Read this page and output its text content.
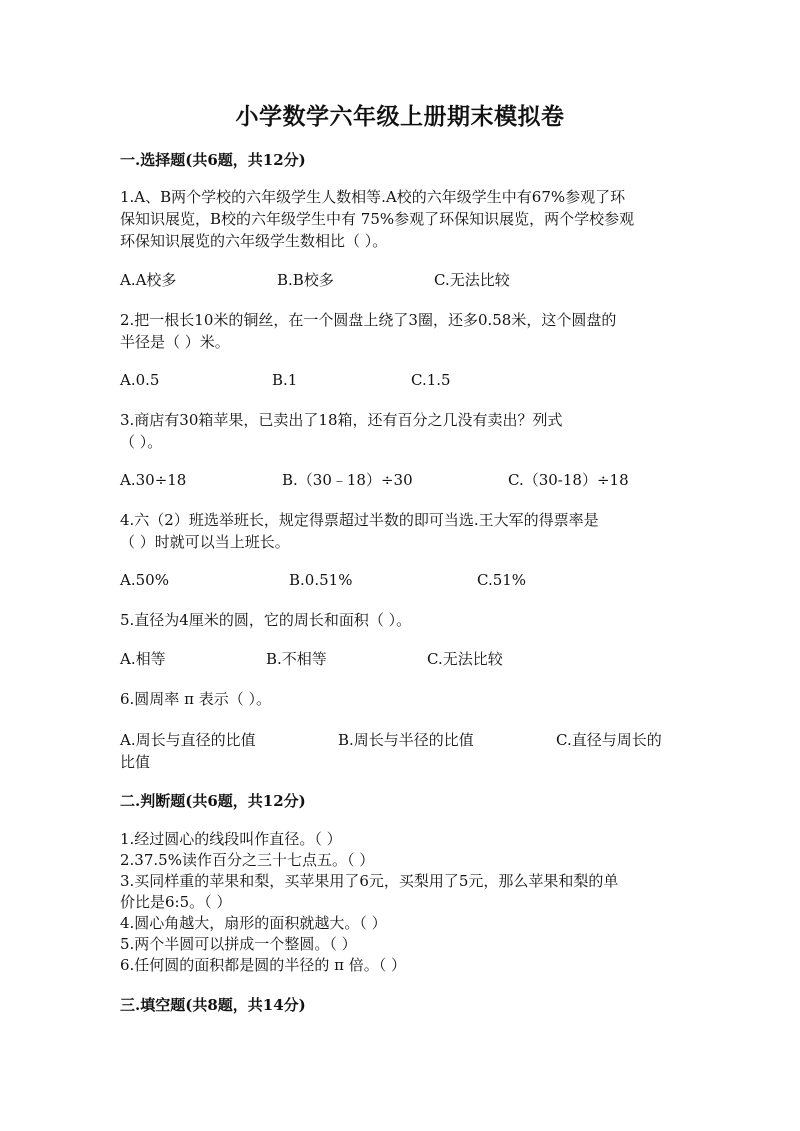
小学数学六年级上册期末模拟卷
一.选择题(共6题，共12分)
1.A、B两个学校的六年级学生人数相等.A校的六年级学生中有67%参观了环
保知识展览，B校的六年级学生中有 75%参观了环保知识展览，两个学校参观
环保知识展览的六年级学生数相比（ ）。
A.A校多	B.B校多	C.无法比较
2.把一根长10米的铜丝，在一个圆盘上绕了3圈，还多0.58米，这个圆盘的
半径是（ ）米。
A.0.5	B.1	C.1.5
3.商店有30箱苹果，已卖出了18箱，还有百分之几没有卖出？列式
（ ）。
A.30÷18	B.（30﹣18）÷30	C.（30-18）÷18
4.六（2）班选举班长，规定得票超过半数的即可当选.王大军的得票率是
（ ）时就可以当上班长。
A.50%	B.0.51%	C.51%
5.直径为4厘米的圆，它的周长和面积（ ）。
A.相等	B.不相等	C.无法比较
6.圆周率 π 表示（ ）。
A.周长与直径的比值	B.周长与半径的比值	C.直径与周长的
比值
二.判断题(共6题，共12分)
1.经过圆心的线段叫作直径。（ ）
2.37.5%读作百分之三十七点五。（ ）
3.买同样重的苹果和梨，买苹果用了6元，买梨用了5元，那么苹果和梨的单
价比是6:5。（ ）
4.圆心角越大，扇形的面积就越大。（ ）
5.两个半圆可以拼成一个整圆。（ ）
6.任何圆的面积都是圆的半径的 π 倍。（ ）
三.填空题(共8题，共14分)
